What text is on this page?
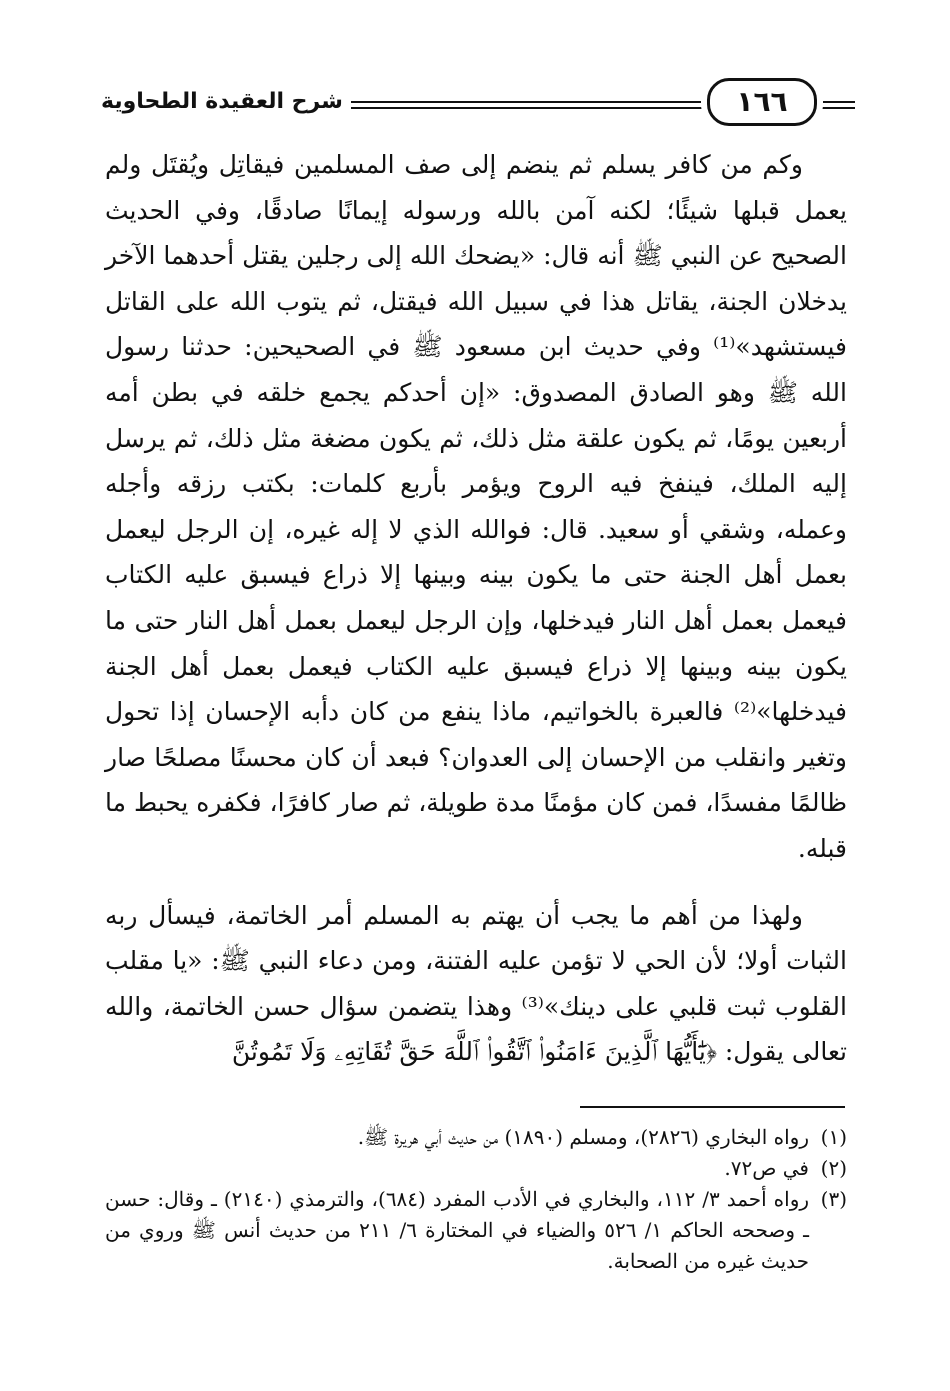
شرح العقيدة الطحاوية	١٦٦

وكم من كافر يسلم ثم ينضم إلى صف المسلمين فيقاتِل ويُقتَل ولم يعمل قبلها شيئًا؛ لكنه آمن بالله ورسوله إيمانًا صادقًا، وفي الحديث الصحيح عن النبي ﷺ أنه قال: «يضحك الله إلى رجلين يقتل أحدهما الآخر يدخلان الجنة، يقاتل هذا في سبيل الله فيقتل، ثم يتوب الله على القاتل فيستشهد»⁽¹⁾ وفي حديث ابن مسعود ﷺ في الصحيحين: حدثنا رسول الله ﷺ وهو الصادق المصدوق: «إن أحدكم يجمع خلقه في بطن أمه أربعين يومًا، ثم يكون علقة مثل ذلك، ثم يكون مضغة مثل ذلك، ثم يرسل إليه الملك، فينفخ فيه الروح ويؤمر بأربع كلمات: بكتب رزقه وأجله وعمله، وشقي أو سعيد. قال: فوالله الذي لا إله غيره، إن الرجل ليعمل بعمل أهل الجنة حتى ما يكون بينه وبينها إلا ذراع فيسبق عليه الكتاب فيعمل بعمل أهل النار فيدخلها، وإن الرجل ليعمل بعمل أهل النار حتى ما يكون بينه وبينها إلا ذراع فيسبق عليه الكتاب فيعمل بعمل أهل الجنة فيدخلها»⁽²⁾ فالعبرة بالخواتيم، ماذا ينفع من كان دأبه الإحسان إذا تحول وتغير وانقلب من الإحسان إلى العدوان؟ فبعد أن كان محسنًا مصلحًا صار ظالمًا مفسدًا، فمن كان مؤمنًا مدة طويلة، ثم صار كافرًا، فكفره يحبط ما قبله.

ولهذا من أهم ما يجب أن يهتم به المسلم أمر الخاتمة، فيسأل ربه الثبات أولا؛ لأن الحي لا تؤمن عليه الفتنة، ومن دعاء النبي ﷺ: «يا مقلب القلوب ثبت قلبي على دينك»⁽³⁾ وهذا يتضمن سؤال حسن الخاتمة، والله تعالى يقول: ﴿يَٰٓأَيُّهَا ٱلَّذِينَ ءَامَنُوا۟ ٱتَّقُوا۟ ٱللَّهَ حَقَّ تُقَاتِهِۦ وَلَا تَمُوتُنَّ

(١)
رواه البخاري (٢٨٢٦)، ومسلم (١٨٩٠) من حديث أبي هريرة ﷺ.
(٢)
في ص٧٢.
(٣)
رواه أحمد ٣/ ١١٢، والبخاري في الأدب المفرد (٦٨٤)، والترمذي (٢١٤٠) ـ وقال: حسن ـ وصححه الحاكم ١/ ٥٢٦ والضياء في المختارة ٦/ ٢١١ من حديث أنس ﷺ وروي من حديث غيره من الصحابة.
